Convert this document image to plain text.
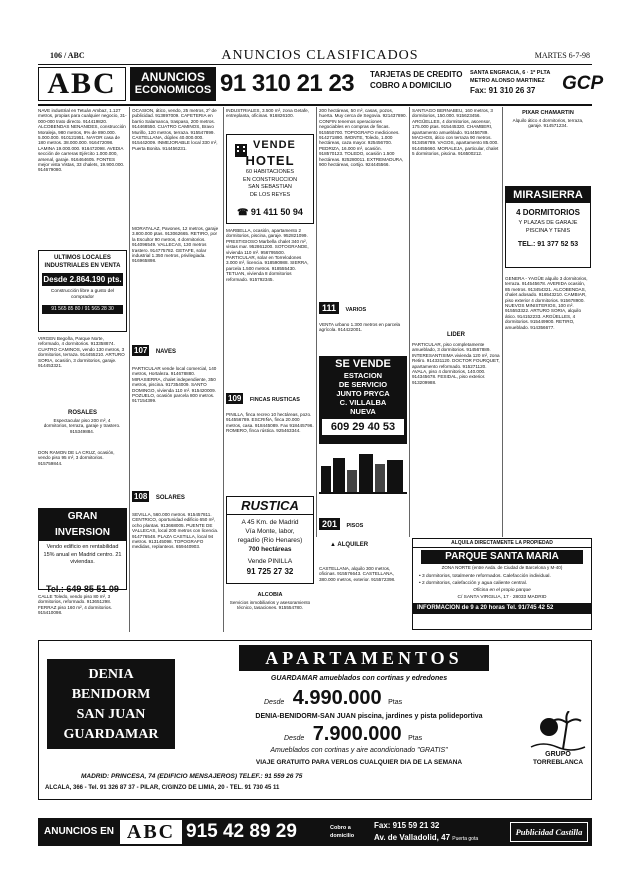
106 / ABC	ANUNCIOS CLASIFICADOS	MARTES 6-7-98
ABC	ANUNCIOS
ECONOMICOS 91 310 21 23	TARJETAS DE CREDITO
COBRO A DOMICILIO
SANTA ENGRACIA, 6 · 1º PLTA
METRO ALONSO MARTINEZ
Fax: 91 310 26 37	GCP
NAVE industrial en Tetuán Ambaz, 1.127 metros, propias para cualquier negocio, 31-000-000 trato directo. 914419820. ALCOBENDAS NENANIDES, construcción Moraleja, 980 metros, 9% de 890.000. 5.000.000. 910121951. NAYOR casa de 180 metros. 38.000.000. 916472098. LAMINA 19.000.000. 916472098. AVEDIA sección de carreras Ejército 1.000.000, arsenal, garaje. 916464605. FONTES mejor vista Vistas, 33 chalets, 19.900.000. 914679080.
ULTIMOS LOCALES INDUSTRIALES EN VENTA
Desde 2.864.190 pts.
Construcción libre a gusto del comprador
91 565 85 80 / 91 565 28 30
VIRGEN Begoña, Parque Norte, reformado, 4 dormitorios. 913358874. CUATRO CAMINOS, vendo 130 metros, 3 dormitorios, terraza. 914455210. ARTURO SORIA, ocasión, 3 dormitorios, garaje. 914453321.
ROSALES
Espectacular piso 200 m², 4 dormitorios, terraza, garaje y trastero. 915349884.
DON RAMON DE LA CRUZ, ocasión, vendo piso 95 m², 3 dormitorios. 915759844.
GRAN INVERSION
Vendo edificio en rentabilidad 15% anual en Madrid centro. 21 viviendas.
Tel.: 649 85 51 09
CALLE Toledo, vendo piso 80 m², 3 dormitorios, reformado. 913651298. FERRAZ piso 160 m², 4 dormitorios. 915410098.
OCASION, ático, vendo, 25 metros, 2º de publicidad. 913897009. CAFETERIA en barrio Salamanca, traspaso, 200 metros. 914468550. CUATRO CAMINOS, Bravo Murillo, 120 metros, terraza. 915547899. CASTELLANA, dúplex 40.000.000. 915442009. INMEJORABLE local 330 m², Puerta Bonita. 914456231.
MORATALAZ, Pavones, 12 metros, garaje 3.800.000 ptas. 913062665. RETIRO, por la Escultor 90 metros, 4 dormitorios. 914096549. VALLECAS, 130 metros trastero. 914775782. GETAFE, solar industrial 1.350 metros, privilegiada. 916965898.
107 NAVES
PARTICULAR vende local comercial, 140 metros, Hortaleza. 914678880. MIRASIERRA, chalet independiente, 350 metros, piscina. 917354009. SANTO DOMINGO, vivienda 110 m². 915420009. POZUELO, ocasión parcela 800 metros. 917154399.
108 SOLARES
SEVILLA, 560.000 metros. 915457811. CENTRICO, oportunidad edificio 650 m², ocho plantas. 913668005. PUENTE DE VALLECAS, local 200 metros con licencia. 914776548. PLAZA CASTILLA, local 94 metros. 913145098. TOPOGRAFO medidas, replanteos. 659440903.
INDUSTRIALES, 3.500 m², zona Getafe, entreplanta, oficinas. 916826100.
VENDE
HOTEL
60 HABITACIONES
EN CONSTRUCCION
SAN SEBASTIAN
DE LOS REYES
☎ 91 411 50 94
MARBELLA, ocasión, apartamento 2 dormitorios, piscina, garaje. 952821099. PRESTIGIOSO Marbella chalet 340 m², vistas mar. 952861200. SOTOGRANDE, vivienda 110 m². 956795500. PARTICULAR, solar en Torrelodones 3.000 m², licencia. 918590988. SIERRA, parcela 1.500 metros. 918555430. TETUAN, vivienda 8 dormitorios reformado. 915792345.
109 FINCAS RUSTICAS
PINILLA, finca recreo 10 hectáreas, pozo. 914556789. ESCRIÑA, finca 20.000 metros, casa. 918445089. Fax 918445796. ROMERO, finca rústica. 925463344.
RUSTICA
A 45 Km. de Madrid
Vía Monte, labor,
regadío (Río Henares)
700 hectáreas
Vende PINILLA
91 725 27 32
ALCOBIA
Servicios inmobiliarios y asesoramiento técnico, tasaciones. 915554780.
200 hectáreas, 50 m², casas, pozos, huerta. Muy cerca de Segovia. 921437890. CONFIN tenemos operaciones negociables en compras de fincas. 915550700. TOPOGRAFO mediciones. 914271890. IMONTE, Toledo, 1.000 hectáreas, caza mayor. 925456700. PEDRIZA, 16.000 m², ocasión. 918570123. TOLEDO, ocasión 1.500 hectáreas. 925280011. EXTREMADURA, 900 hectáreas, cortijo. 924445566.
111 VARIOS
VENTA urbano 1.300 metros en parcela agrícola. 914422001.
SE VENDE
ESTACION
DE SERVICIO
JUNTO PRYCA
C. VILLALBA
NUEVA
609 29 40 53
201 PISOS
▲ ALQUILER
CASTELLANA, alquilo 300 metros, oficinas. 915576643. CASTELLANA, 380.000 metros, exterior. 915572398.
SANTIAGO BERNABEU, 160 metros, 3 dormitorios, 150.000. 915623456. ARGÜELLES, 4 dormitorios, ascensor, 175.000 ptas. 915445320. CHAMBERI, apartamento amueblado. 914456789. MACHOS, ático con terraza 90 metros. 913456789. VAGOS, apartamento 85.000. 914455660. MORALEJA, particular, chalet 5 dormitorios, piscina. 916500212.
LIDER
PARTICULAR, piso completamente amueblado, 3 dormitorios. 914567889. INTERESANTISIMA vivienda 120 m², zona Retiro. 914331120. DOCTOR FOURQUET, apartamento reformado. 915271120. AVALA, piso 4 dormitorios, 140.000. 914345678. FESIDAL, piso exterior. 913209988.
PIXAR CHAMARTIN
Alquilo ático 4 dormitorios, terraza, garaje. 914571234.
MIRASIERRA
4 DORMITORIOS
Y PLAZAS DE GARAJE
PISCINA Y TENIS
TEL.: 91 377 52 53
GENERA - YAGÜE alquilo 3 dormitorios, terraza. 914545678. AVERIDA ocasión, 85 metros. 913454321. ALCOBENDAS, chalet adosado. 916543210. CAMBIAR, piso exterior 4 dormitorios. 915678900. NUEVOS MINISTERIOS, 100 m². 915553322. ARTURO SORIA, alquilo ático. 914152233. ARGÜELLES, 4 dormitorios. 915449900. RETIRO, amueblado. 914356677.
ALQUILA DIRECTAMENTE LA PROPIEDAD
PARQUE SANTA MARIA
ZONA NORTE (entre Avda. de Ciudad de Barcelona y M-40)
• 3 dormitorios, totalmente reformados. Calefacción individual.
• 2 dormitorios, calefacción y agua caliente central.
Oficina en el propio parque
C/ SANTA VIRGILIA, 17 · 28033 MADRID
INFORMACION de 9 a 20 horas Tel. 91/745 42 52
APARTAMENTOS
GUARDAMAR amueblados con cortinas y edredones
Desde 4.990.000 Ptas
DENIA-BENIDORM-SAN JUAN piscina, jardines y pista polideportiva
Desde 7.900.000 Ptas
Amueblados con cortinas y aire acondicionado "GRATIS"
VIAJE GRATUITO PARA VERLOS CUALQUIER DIA DE LA SEMANA
MADRID: PRINCESA, 74 (EDIFICIO MENSAJEROS) TELEF.: 91 559 26 75
ALCALA, 366 - Tel. 91 326 87 37 - PILAR, C/GINZO DE LIMIA, 20 - TEL. 91 730 45 11
DENIA
BENIDORM
SAN JUAN
GUARDAMAR
GRUPO
TORREBLANCA
ANUNCIOS EN ABC 915 42 89 29	Cobro a
domicilio
Fax: 915 59 21 32
Av. de Valladolid, 47 Puerta gota
Publicidad Castilla
